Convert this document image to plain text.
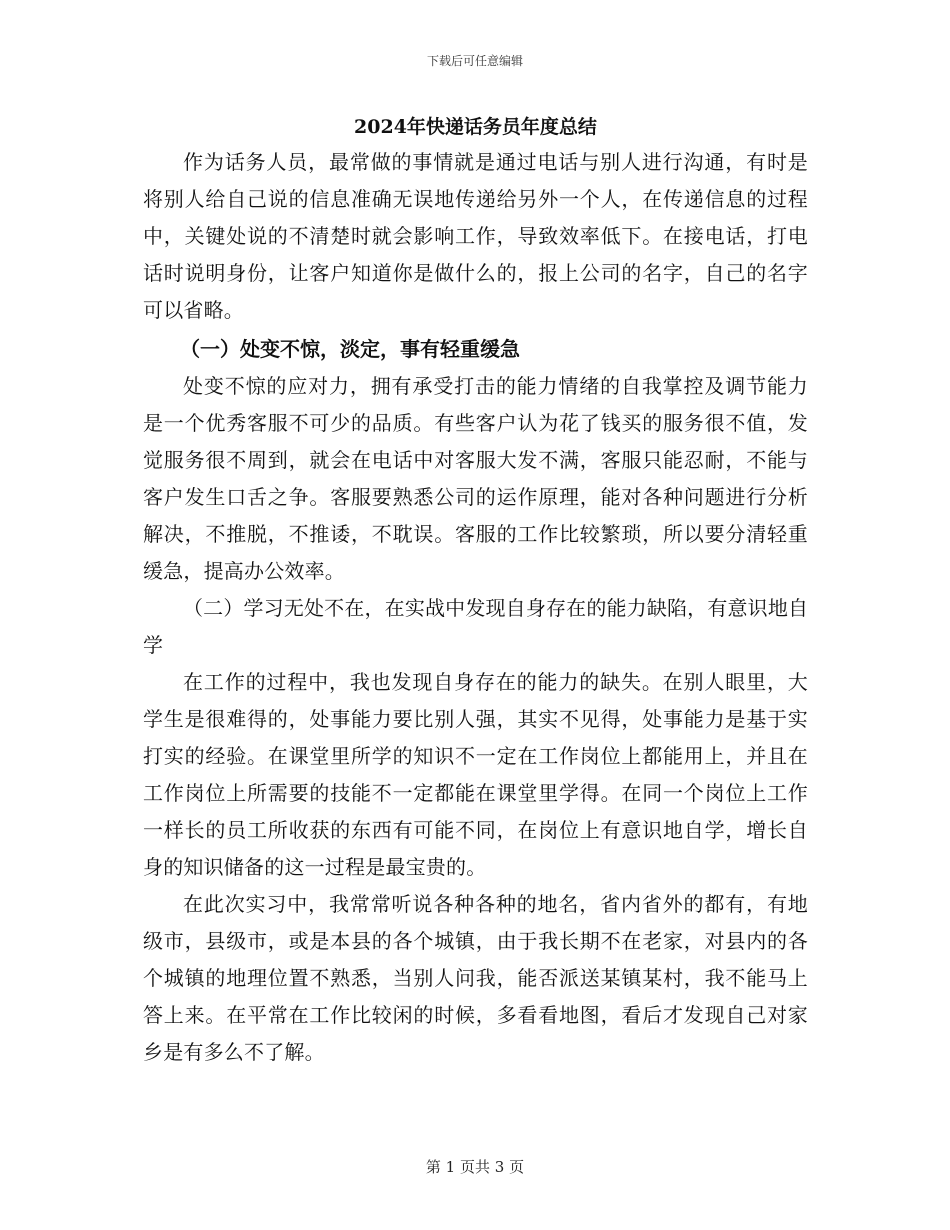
下载后可任意编辑
2024年快递话务员年度总结

作为话务人员，最常做的事情就是通过电话与别人进行沟通，有时是将别人给自己说的信息准确无误地传递给另外一个人，在传递信息的过程中，关键处说的不清楚时就会影响工作，导致效率低下。在接电话，打电话时说明身份，让客户知道你是做什么的，报上公司的名字，自己的名字可以省略。

（一）处变不惊，淡定，事有轻重缓急

处变不惊的应对力，拥有承受打击的能力情绪的自我掌控及调节能力是一个优秀客服不可少的品质。有些客户认为花了钱买的服务很不值，发觉服务很不周到，就会在电话中对客服大发不满，客服只能忍耐，不能与客户发生口舌之争。客服要熟悉公司的运作原理，能对各种问题进行分析解决，不推脱，不推诿，不耽误。客服的工作比较繁琐，所以要分清轻重缓急，提高办公效率。

（二）学习无处不在，在实战中发现自身存在的能力缺陷，有意识地自学

在工作的过程中，我也发现自身存在的能力的缺失。在别人眼里，大学生是很难得的，处事能力要比别人强，其实不见得，处事能力是基于实打实的经验。在课堂里所学的知识不一定在工作岗位上都能用上，并且在工作岗位上所需要的技能不一定都能在课堂里学得。在同一个岗位上工作一样长的员工所收获的东西有可能不同，在岗位上有意识地自学，增长自身的知识储备的这一过程是最宝贵的。

在此次实习中，我常常听说各种各种的地名，省内省外的都有，有地级市，县级市，或是本县的各个城镇，由于我长期不在老家，对县内的各个城镇的地理位置不熟悉，当别人问我，能否派送某镇某村，我不能马上答上来。在平常在工作比较闲的时候，多看看地图，看后才发现自己对家乡是有多么不了解。

第 1 页共 3 页
